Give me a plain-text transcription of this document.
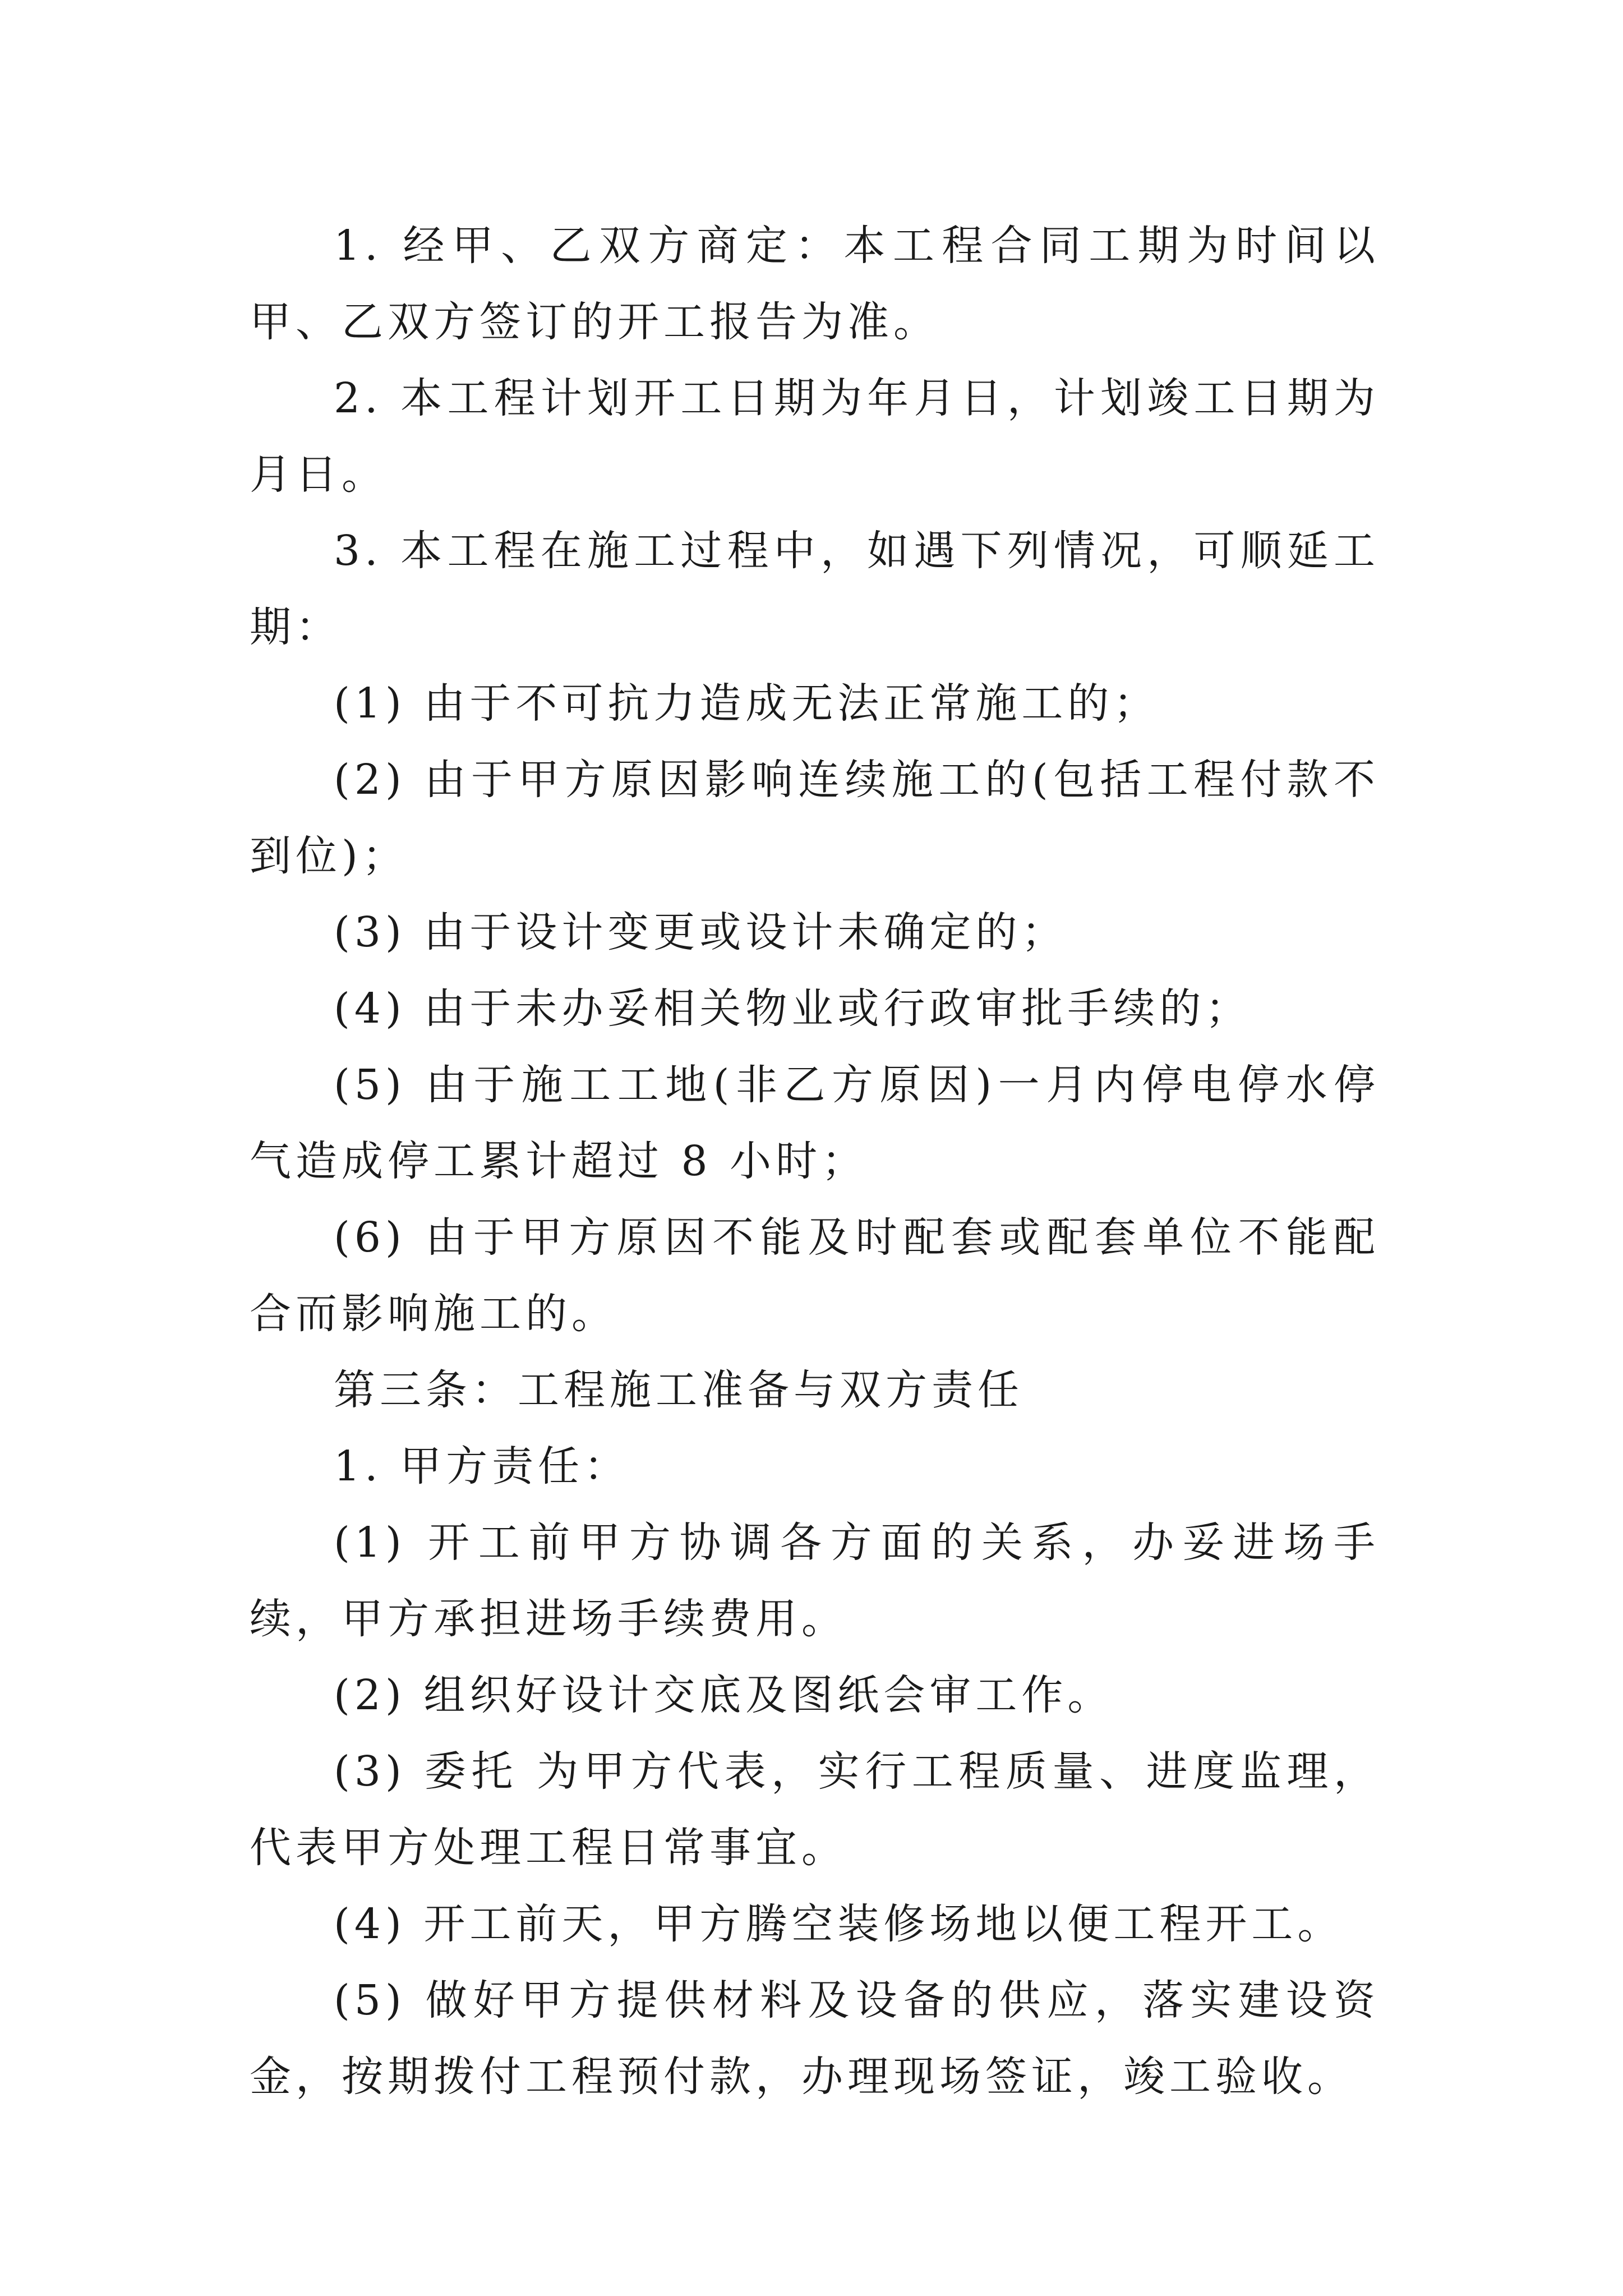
1. 经甲、乙双方商定：本工程合同工期为时间以甲、乙双方签订的开工报告为准。

2. 本工程计划开工日期为年月日，计划竣工日期为 月日。

3. 本工程在施工过程中，如遇下列情况，可顺延工期：

(1) 由于不可抗力造成无法正常施工的；

(2) 由于甲方原因影响连续施工的(包括工程付款不到位)；

(3) 由于设计变更或设计未确定的；

(4) 由于未办妥相关物业或行政审批手续的；

(5) 由于施工工地(非乙方原因)一月内停电停水停气造成停工累计超过 8 小时；

(6) 由于甲方原因不能及时配套或配套单位不能配合而影响施工的。

第三条：工程施工准备与双方责任

1. 甲方责任：

(1) 开工前甲方协调各方面的关系，办妥进场手续，甲方承担进场手续费用。

(2) 组织好设计交底及图纸会审工作。

(3) 委托 为甲方代表，实行工程质量、进度监理，代表甲方处理工程日常事宜。

(4) 开工前天，甲方腾空装修场地以便工程开工。

(5) 做好甲方提供材料及设备的供应，落实建设资金，按期拨付工程预付款，办理现场签证，竣工验收。
